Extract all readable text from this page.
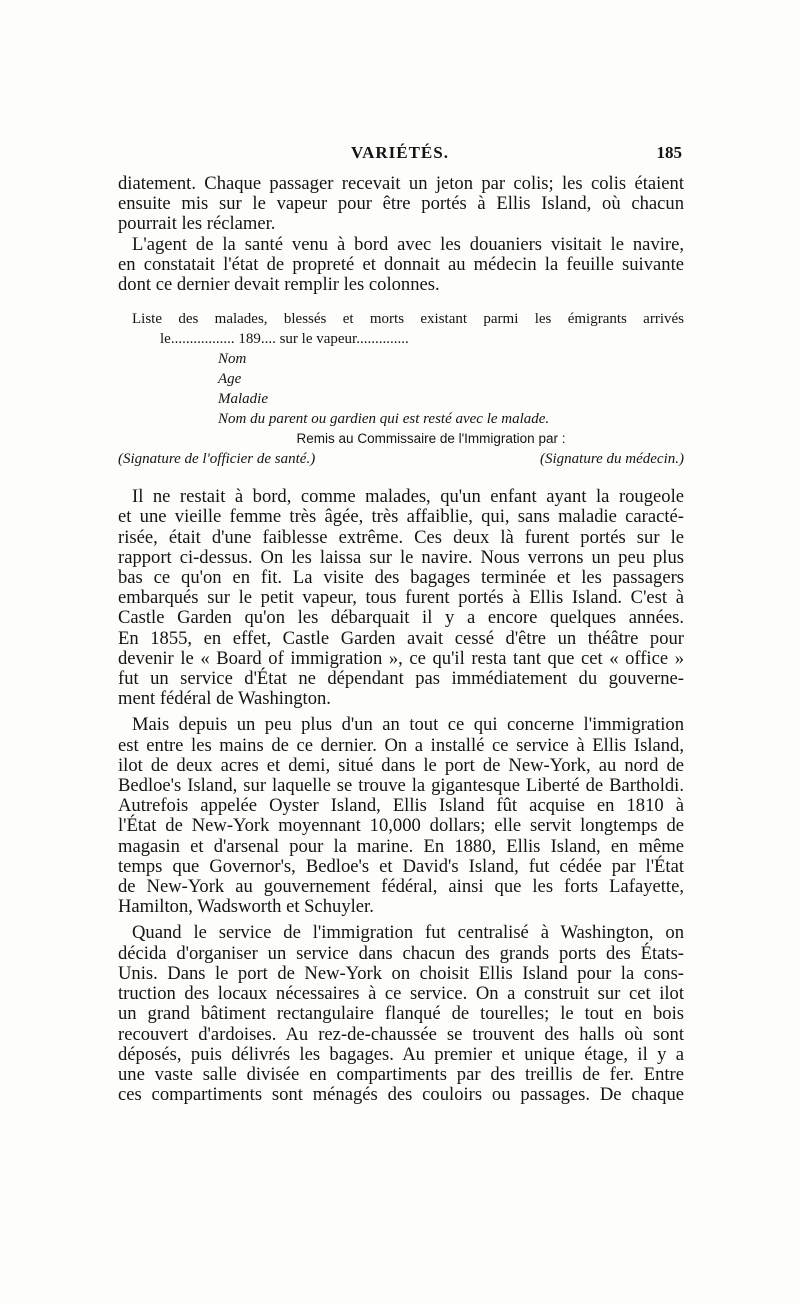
VARIÉTÉS.	185
diatement. Chaque passager recevait un jeton par colis; les colis étaient
ensuite mis sur le vapeur pour être portés à Ellis Island, où chacun
pourrait les réclamer.
L'agent de la santé venu à bord avec les douaniers visitait le navire,
en constatait l'état de propreté et donnait au médecin la feuille suivante
dont ce dernier devait remplir les colonnes.
Liste des malades, blessés et morts existant parmi les émigrants arrivés
le................. 189.... sur le vapeur..............
Nom
Age
Maladie
Nom du parent ou gardien qui est resté avec le malade.
Remis au Commissaire de l'Immigration par :
(Signature de l'officier de santé.)	(Signature du médecin.)
Il ne restait à bord, comme malades, qu'un enfant ayant la rougeole
et une vieille femme très âgée, très affaiblie, qui, sans maladie caracté-
risée, était d'une faiblesse extrême. Ces deux là furent portés sur le
rapport ci-dessus. On les laissa sur le navire. Nous verrons un peu plus
bas ce qu'on en fit. La visite des bagages terminée et les passagers
embarqués sur le petit vapeur, tous furent portés à Ellis Island. C'est à
Castle Garden qu'on les débarquait il y a encore quelques années.
En 1855, en effet, Castle Garden avait cessé d'être un théâtre pour
devenir le « Board of immigration », ce qu'il resta tant que cet « office »
fut un service d'État ne dépendant pas immédiatement du gouverne-
ment fédéral de Washington.
Mais depuis un peu plus d'un an tout ce qui concerne l'immigration
est entre les mains de ce dernier. On a installé ce service à Ellis Island,
ilot de deux acres et demi, situé dans le port de New-York, au nord de
Bedloe's Island, sur laquelle se trouve la gigantesque Liberté de Bartholdi.
Autrefois appelée Oyster Island, Ellis Island fût acquise en 1810 à
l'État de New-York moyennant 10,000 dollars; elle servit longtemps de
magasin et d'arsenal pour la marine. En 1880, Ellis Island, en même
temps que Governor's, Bedloe's et David's Island, fut cédée par l'État
de New-York au gouvernement fédéral, ainsi que les forts Lafayette,
Hamilton, Wadsworth et Schuyler.
Quand le service de l'immigration fut centralisé à Washington, on
décida d'organiser un service dans chacun des grands ports des États-
Unis. Dans le port de New-York on choisit Ellis Island pour la cons-
truction des locaux nécessaires à ce service. On a construit sur cet ilot
un grand bâtiment rectangulaire flanqué de tourelles; le tout en bois
recouvert d'ardoises. Au rez-de-chaussée se trouvent des halls où sont
déposés, puis délivrés les bagages. Au premier et unique étage, il y a
une vaste salle divisée en compartiments par des treillis de fer. Entre
ces compartiments sont ménagés des couloirs ou passages. De chaque
